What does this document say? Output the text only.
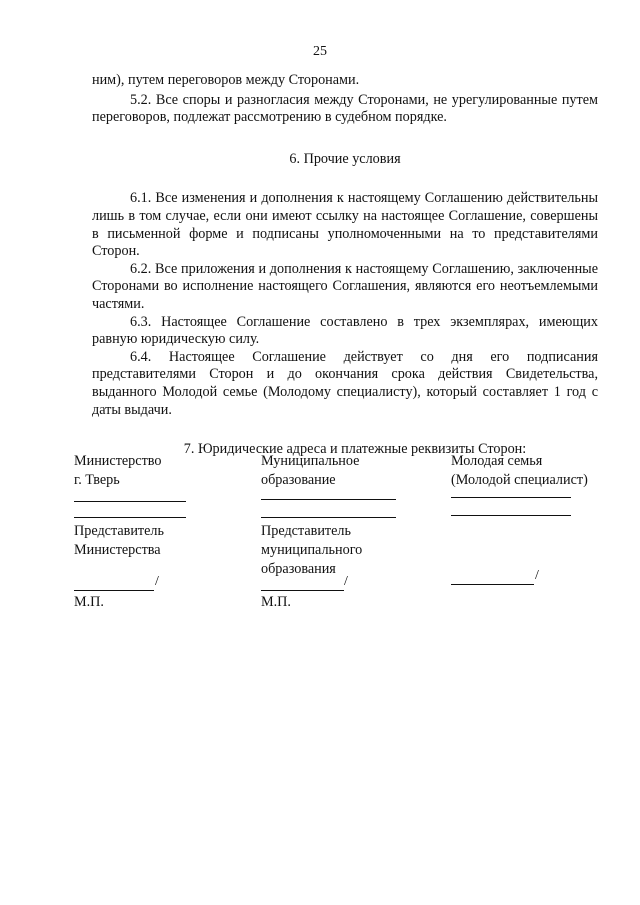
25

ним), путем переговоров между Сторонами.

5.2. Все споры и разногласия между Сторонами, не урегулированные путем переговоров, подлежат рассмотрению в судебном порядке.

6. Прочие условия

6.1. Все изменения и дополнения к настоящему Соглашению действительны лишь в том случае, если они имеют ссылку на настоящее Соглашение, совершены в письменной форме и подписаны уполномоченными на то представителями Сторон.

6.2. Все приложения и дополнения к настоящему Соглашению, заключенные Сторонами во исполнение настоящего Соглашения, являются его неотъемлемыми частями.

6.3. Настоящее Соглашение составлено в трех экземплярах, имеющих равную юридическую силу.

6.4. Настоящее Соглашение действует со дня его подписания представителями Сторон и до окончания срока действия Свидетельства, выданного Молодой семье (Молодому специалисту), который составляет 1 год с даты выдачи.

7. Юридические адреса и платежные реквизиты Сторон:

Министерство
г. Тверь
Представитель
Министерства
/
М.П.
Муниципальное
образование
Представитель
муниципального
образования
/
М.П.
Молодая семья
(Молодой специалист)
/
